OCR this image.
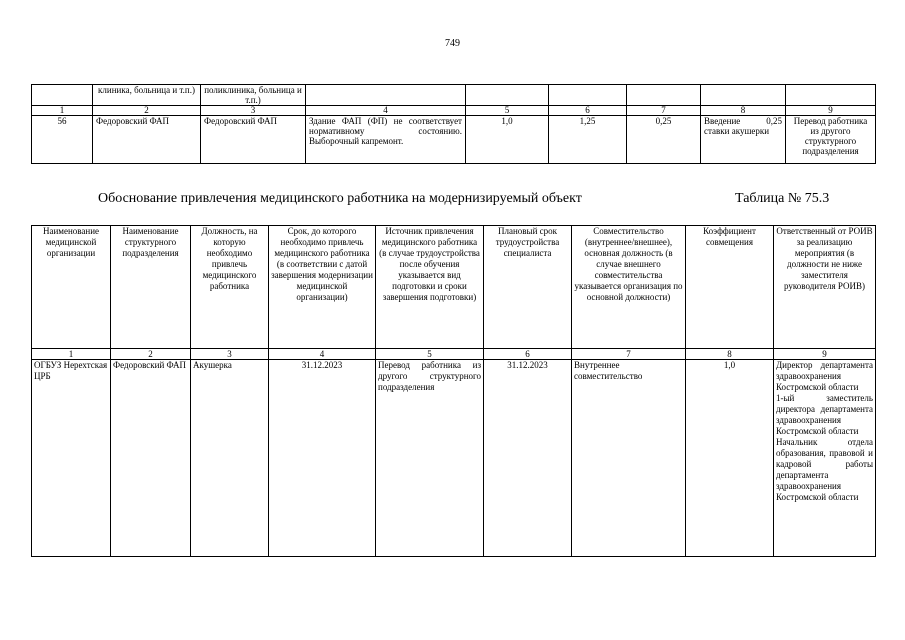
749
	клиника, больница и т.п.)	поликлиника, больница и т.п.)						
1	2	3	4	5	6	7	8	9
56	Федоровский ФАП	Федоровский ФАП	Здание ФАП (ФП) не соответствует нормативному состоянию. Выборочный капремонт.	1,0	1,25	0,25	Введение 0,25 ставки акушерки	Перевод работника из другого структурного подразделения
Обоснование привлечения медицинского работника на модернизируемый объект	Таблица № 75.3
Наименование медицинской организации	Наименование структурного подразделения	Должность, на которую необходимо привлечь медицинского работника	Срок, до которого необходимо привлечь медицинского работника (в соответствии с датой завершения модернизации медицинской организации)	Источник привлечения медицинского работника (в случае трудоустройства после обучения указывается вид подготовки и сроки завершения подготовки)	Плановый срок трудоустройства специалиста	Совместительство (внутреннее/внешнее), основная должность (в случае внешнего совместительства указывается организация по основной должности)	Коэффициент совмещения	Ответственный от РОИВ за реализацию мероприятия (в должности не ниже заместителя руководителя РОИВ)
1	2	3	4	5	6	7	8	9
ОГБУЗ Нерехтская ЦРБ	Федоровский ФАП	Акушерка	31.12.2023	Перевод работника из другого структурного подразделения	31.12.2023	Внутреннее совместительство	1,0	Директор департамента здравоохранения Костромской области
1-ый заместитель директора департамента здравоохранения Костромской области
Начальник отдела образования, правовой и кадровой работы департамента здравоохранения Костромской области
